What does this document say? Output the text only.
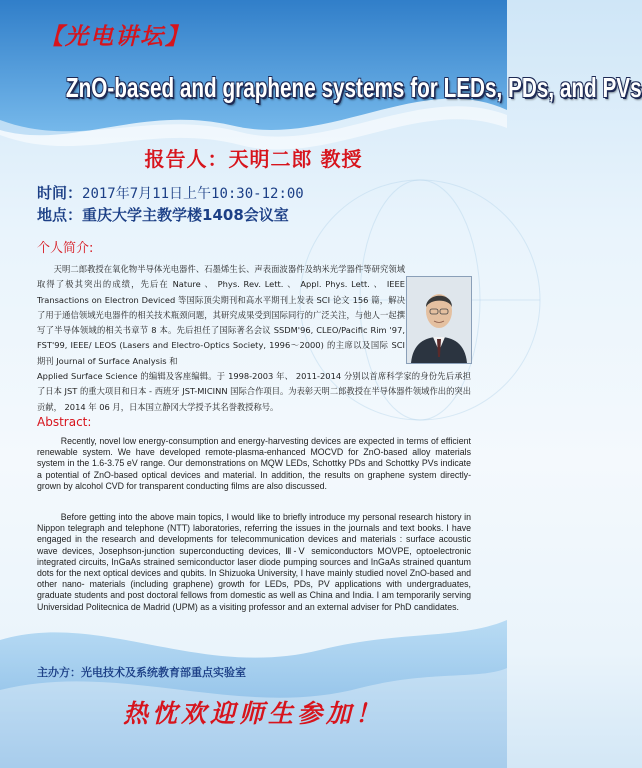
【光电讲坛】
ZnO-based and graphene systems for LEDs, PDs, and PVs
报告人：天明二郎 教授
时间：2017年7月11日上午10:30-12:00
地点：重庆大学主教学楼1408会议室
个人简介:
天明二郎教授在氧化物半导体光电器件、石墨烯生长、声表面波器件及纳米光学器件等研究领域取得了极其突出的成绩，先后在 Nature 、 Phys. Rev. Lett. 、 Appl. Phys. Lett. 、 IEEE Transactions on Electron Deviced 等国际顶尖期刊和高水平期刊上发表 SCI 论文 156 篇，解决了用于通信领域光电器件的相关技术瓶颈问题，其研究成果受到国际同行的广泛关注，与他人一起撰写了半导体领域的相关书章节 8 本。先后担任了国际著名会议 SSDM'96, CLEO/Pacific Rim '97, FST'99, IEEE/ LEOS (Lasers and Electro-Optics Society, 1996～2000) 的主席以及国际 SCI 期刊 Journal of Surface Analysis 和
Applied Surface Science 的编辑及客座编辑。于 1998-2003 年、 2011-2014 分别以首席科学家的身份先后承担了日本 JST 的重大项目和日本 - 西班牙 JST-MICINN 国际合作项目。为表彰天明二郎教授在半导体器件领域作出的突出贡献， 2014 年 06 月，日本国立静冈大学授予其名誉教授称号。
Abstract:
Recently, novel low energy-consumption and energy-harvesting devices are expected in terms of efficient renewable system. We have developed remote-plasma-enhanced MOCVD for ZnO-based alloy materials system in the 1.6-3.75 eV range. Our demonstrations on MQW LEDs, Schottky PDs and Schottky PVs indicate a potential of ZnO-based optical devices and material. In addition, the results on graphene system directly-grown by alcohol CVD for transparent conducting films are also discussed.
Before getting into the above main topics, I would like to briefly introduce my personal research history in Nippon telegraph and telephone (NTT) laboratories, referring the issues in the journals and text books. I have engaged in the research and developments for telecommunication devices and materials : surface acoustic wave devices, Josephson-junction superconducting devices, Ⅲ-Ⅴ semiconductors MOVPE, optoelectronic integrated circuits, InGaAs strained semiconductor laser diode pumping sources and InGaAs strained quantum dots for the next optical devices and qubits. In Shizuoka University, I have mainly studied novel ZnO-based and other nano- materials (including graphene) growth for LEDs, PDs, PV applications with undergraduates, graduate students and post doctoral fellows from domestic as well as China and India. I am temporarily serving Universidad Politecnica de Madrid (UPM) as a visiting professor and an external adviser for PhD candidates.
主办方：光电技术及系统教育部重点实验室
热忱欢迎师生参加！
